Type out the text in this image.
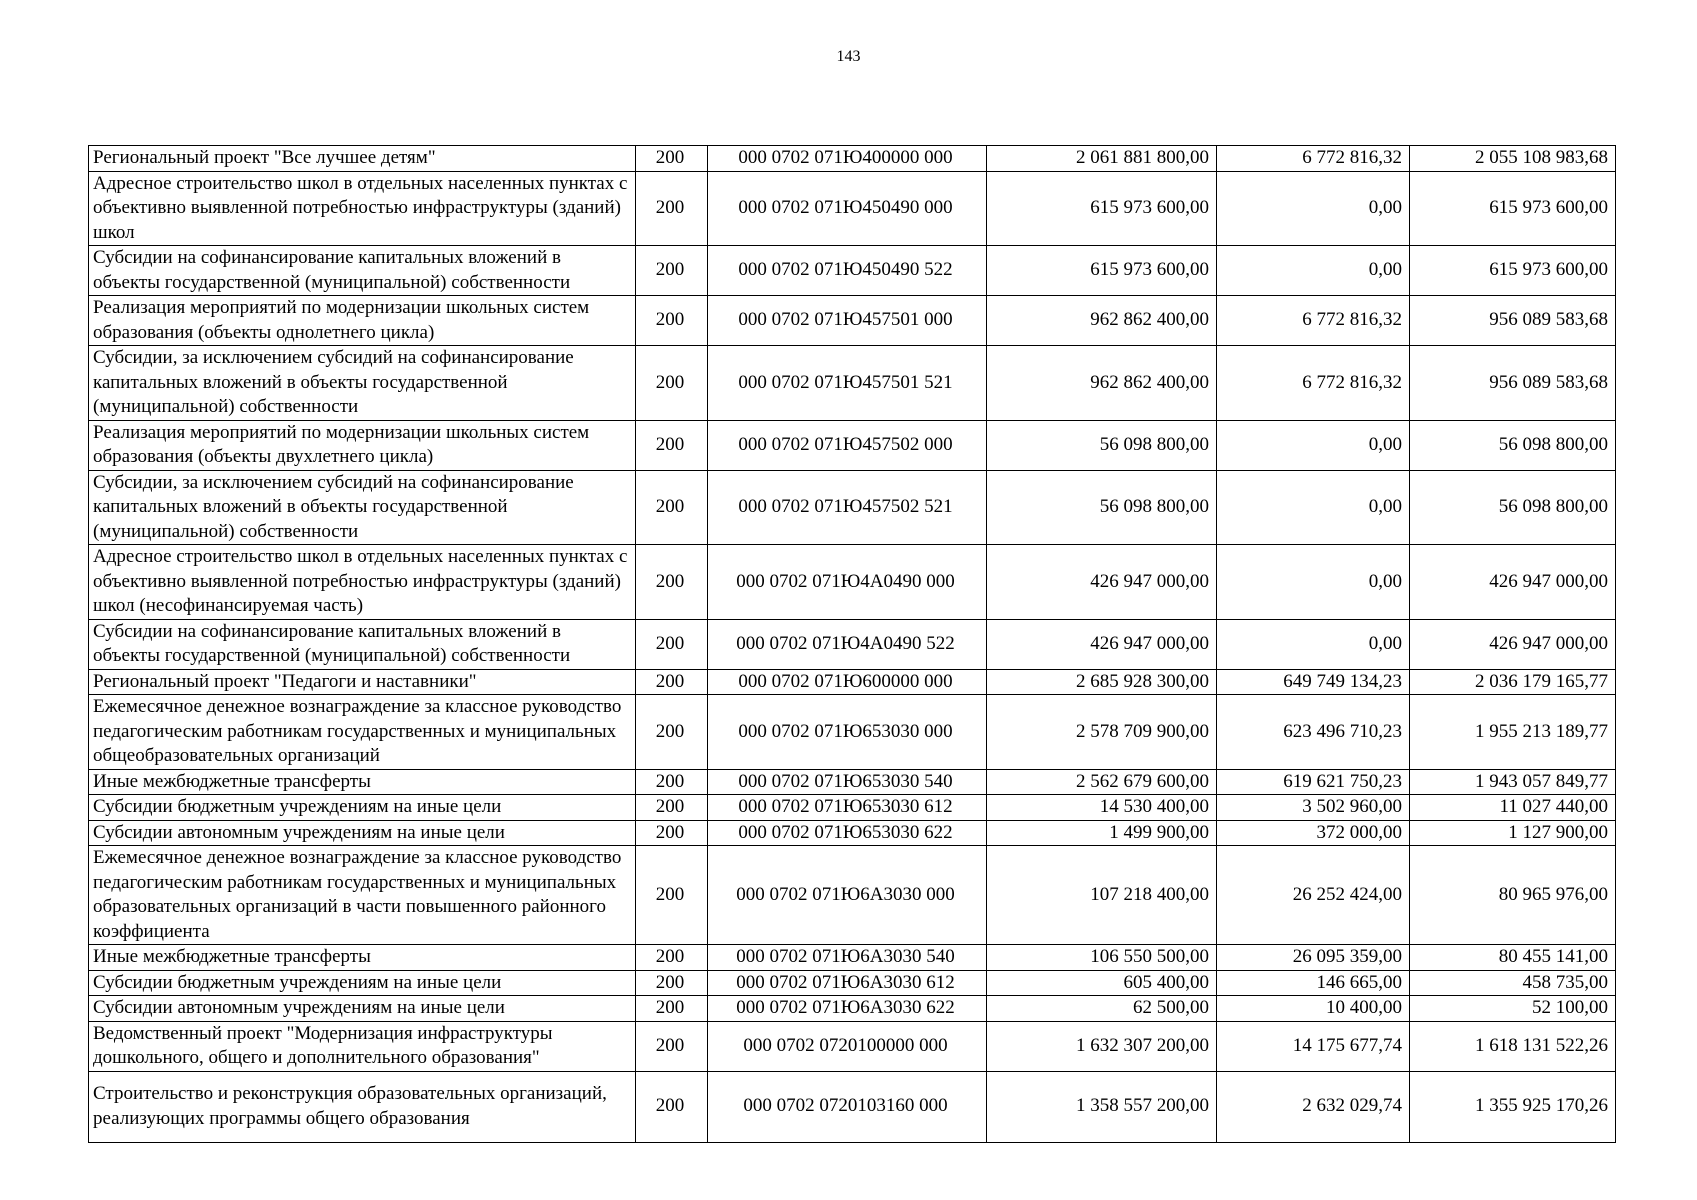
143
Региональный проект "Все лучшее детям"	200	000 0702 071Ю400000 000	2 061 881 800,00	6 772 816,32	2 055 108 983,68
Адресное строительство школ в отдельных населенных пунктах с объективно выявленной потребностью инфраструктуры (зданий) школ	200	000 0702 071Ю450490 000	615 973 600,00	0,00	615 973 600,00
Субсидии на софинансирование капитальных вложений в объекты государственной (муниципальной) собственности	200	000 0702 071Ю450490 522	615 973 600,00	0,00	615 973 600,00
Реализация мероприятий по модернизации школьных систем образования (объекты однолетнего цикла)	200	000 0702 071Ю457501 000	962 862 400,00	6 772 816,32	956 089 583,68
Субсидии, за исключением субсидий на софинансирование капитальных вложений в объекты государственной (муниципальной) собственности	200	000 0702 071Ю457501 521	962 862 400,00	6 772 816,32	956 089 583,68
Реализация мероприятий по модернизации школьных систем образования (объекты двухлетнего цикла)	200	000 0702 071Ю457502 000	56 098 800,00	0,00	56 098 800,00
Субсидии, за исключением субсидий на софинансирование капитальных вложений в объекты государственной (муниципальной) собственности	200	000 0702 071Ю457502 521	56 098 800,00	0,00	56 098 800,00
Адресное строительство школ в отдельных населенных пунктах с объективно выявленной потребностью инфраструктуры (зданий) школ (несофинансируемая часть)	200	000 0702 071Ю4А0490 000	426 947 000,00	0,00	426 947 000,00
Субсидии на софинансирование капитальных вложений в объекты государственной (муниципальной) собственности	200	000 0702 071Ю4А0490 522	426 947 000,00	0,00	426 947 000,00
Региональный проект "Педагоги и наставники"	200	000 0702 071Ю600000 000	2 685 928 300,00	649 749 134,23	2 036 179 165,77
Ежемесячное денежное вознаграждение за классное руководство педагогическим работникам государственных и муниципальных общеобразовательных организаций	200	000 0702 071Ю653030 000	2 578 709 900,00	623 496 710,23	1 955 213 189,77
Иные межбюджетные трансферты	200	000 0702 071Ю653030 540	2 562 679 600,00	619 621 750,23	1 943 057 849,77
Субсидии бюджетным учреждениям на иные цели	200	000 0702 071Ю653030 612	14 530 400,00	3 502 960,00	11 027 440,00
Субсидии автономным учреждениям на иные цели	200	000 0702 071Ю653030 622	1 499 900,00	372 000,00	1 127 900,00
Ежемесячное денежное вознаграждение за классное руководство педагогическим работникам государственных и муниципальных образовательных организаций в части повышенного районного коэффициента	200	000 0702 071Ю6А3030 000	107 218 400,00	26 252 424,00	80 965 976,00
Иные межбюджетные трансферты	200	000 0702 071Ю6А3030 540	106 550 500,00	26 095 359,00	80 455 141,00
Субсидии бюджетным учреждениям на иные цели	200	000 0702 071Ю6А3030 612	605 400,00	146 665,00	458 735,00
Субсидии автономным учреждениям на иные цели	200	000 0702 071Ю6А3030 622	62 500,00	10 400,00	52 100,00
Ведомственный проект "Модернизация инфраструктуры дошкольного, общего и дополнительного образования"	200	000 0702 0720100000 000	1 632 307 200,00	14 175 677,74	1 618 131 522,26
Строительство и реконструкция образовательных организаций, реализующих программы общего образования	200	000 0702 0720103160 000	1 358 557 200,00	2 632 029,74	1 355 925 170,26
